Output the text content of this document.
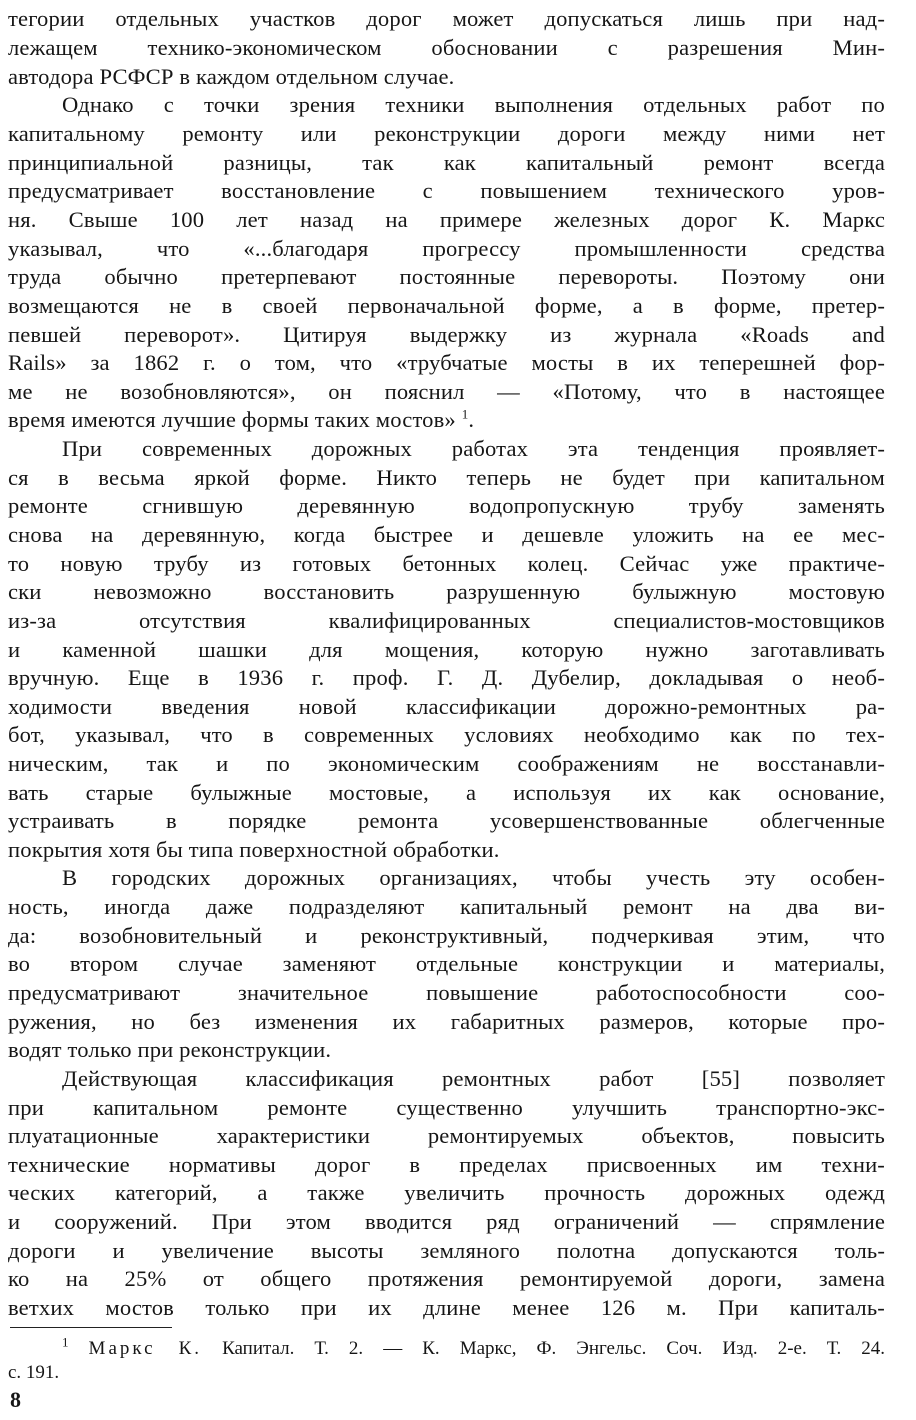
тегории отдельных участков дорог может допускаться лишь при над-

лежащем технико-экономическом обосновании с разрешения Мин-

автодора РСФСР в каждом отдельном случае.

Однако с точки зрения техники выполнения отдельных работ по

капитальному ремонту или реконструкции дороги между ними нет

принципиальной разницы, так как капитальный ремонт всегда

предусматривает восстановление с повышением технического уров-

ня. Свыше 100 лет назад на примере железных дорог К. Маркс

указывал, что «...благодаря прогрессу промышленности средства

труда обычно претерпевают постоянные перевороты. Поэтому они

возмещаются не в своей первоначальной форме, а в форме, претер-

певшей переворот». Цитируя выдержку из журнала «Roads and

Rails» за 1862 г. о том, что «трубчатые мосты в их теперешней фор-

ме не возобновляются», он пояснил — «Потому, что в настоящее

время имеются лучшие формы таких мостов» $^1$.

При современных дорожных работах эта тенденция проявляет-

ся в весьма яркой форме. Никто теперь не будет при капитальном

ремонте сгнившую деревянную водопропускную трубу заменять

снова на деревянную, когда быстрее и дешевле уложить на ее мес-

то новую трубу из готовых бетонных колец. Сейчас уже практиче-

ски невозможно восстановить разрушенную булыжную мостовую

из-за отсутствия квалифицированных специалистов-мостовщиков

и каменной шашки для мощения, которую нужно заготавливать

вручную. Еще в 1936 г. проф. Г. Д. Дубелир, докладывая о необ-

ходимости введения новой классификации дорожно-ремонтных ра-

бот, указывал, что в современных условиях необходимо как по тех-

ническим, так и по экономическим соображениям не восстанавли-

вать старые булыжные мостовые, а используя их как основание,

устраивать в порядке ремонта усовершенствованные облегченные

покрытия хотя бы типа поверхностной обработки.

В городских дорожных организациях, чтобы учесть эту особен-

ность, иногда даже подразделяют капитальный ремонт на два ви-

да: возобновительный и реконструктивный, подчеркивая этим, что

во втором случае заменяют отдельные конструкции и материалы,

предусматривают значительное повышение работоспособности соо-

ружения, но без изменения их габаритных размеров, которые про-

водят только при реконструкции.

Действующая классификация ремонтных работ [55] позволяет

при капитальном ремонте существенно улучшить транспортно-экс-

плуатационные характеристики ремонтируемых объектов, повысить

технические нормативы дорог в пределах присвоенных им техни-

ческих категорий, а также увеличить прочность дорожных одежд

и сооружений. При этом вводится ряд ограничений — спрямление

дороги и увеличение высоты земляного полотна допускаются толь-

ко на 25% от общего протяжения ремонтируемой дороги, замена

ветхих мостов только при их длине менее 126 м. При капиталь-

$^1$ Маркс К. Капитал. Т. 2. — К. Маркс, Ф. Энгельс. Соч. Изд. 2-е. Т. 24.

с. 191.

8
